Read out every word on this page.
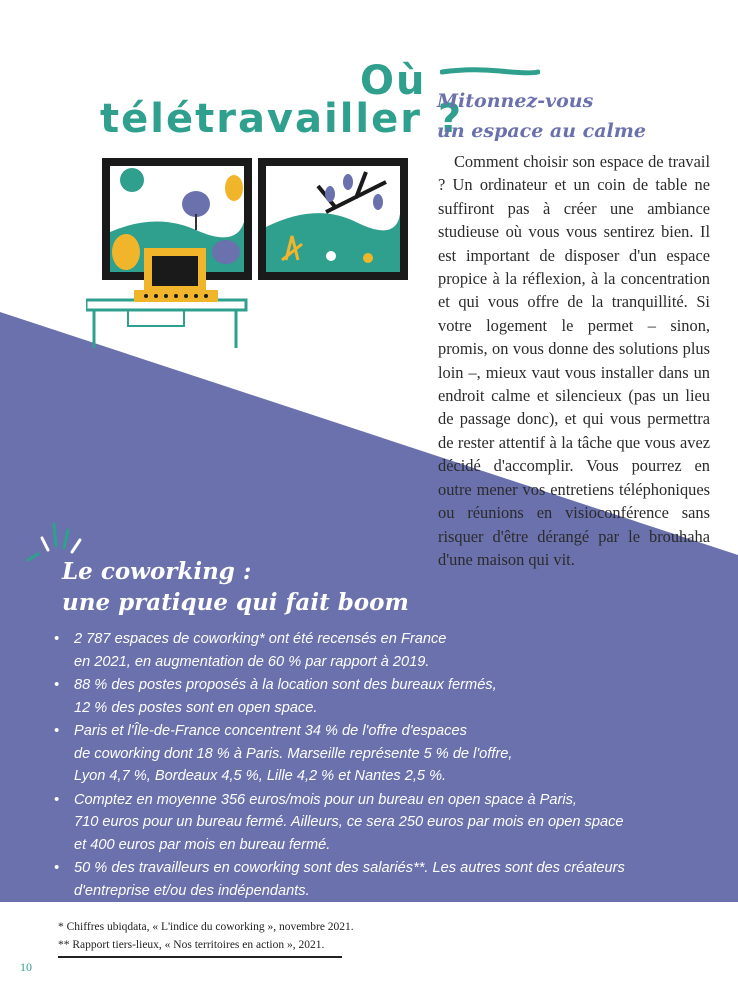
Où
télétravailler ?
Mitonnez-vous
un espace au calme
Comment choisir son espace de travail ? Un ordinateur et un coin de table ne suffiront pas à créer une ambiance studieuse où vous vous sentirez bien. Il est important de disposer d'un espace propice à la réflexion, à la concentration et qui vous offre de la tranquillité. Si votre logement le permet – sinon, promis, on vous donne des solutions plus loin –, mieux vaut vous installer dans un endroit calme et silencieux (pas un lieu de passage donc), et qui vous permettra de rester attentif à la tâche que vous avez décidé d'accomplir. Vous pourrez en outre mener vos entretiens téléphoniques ou réunions en visioconférence sans risquer d'être dérangé par le brouhaha d'une maison qui vit.
Le coworking :
une pratique qui fait boom
• 2 787 espaces de coworking* ont été recensés en France
en 2021, en augmentation de 60 % par rapport à 2019.
• 88 % des postes proposés à la location sont des bureaux fermés,
12 % des postes sont en open space.
• Paris et l'Île-de-France concentrent 34 % de l'offre d'espaces
de coworking dont 18 % à Paris. Marseille représente 5 % de l'offre,
Lyon 4,7 %, Bordeaux 4,5 %, Lille 4,2 % et Nantes 2,5 %.
• Comptez en moyenne 356 euros/mois pour un bureau en open space à Paris,
710 euros pour un bureau fermé. Ailleurs, ce sera 250 euros par mois en open space
et 400 euros par mois en bureau fermé.
• 50 % des travailleurs en coworking sont des salariés**. Les autres sont des créateurs
d'entreprise et/ou des indépendants.
* Chiffres ubiqdata, « L'indice du coworking », novembre 2021.
** Rapport tiers-lieux, « Nos territoires en action », 2021.
10
